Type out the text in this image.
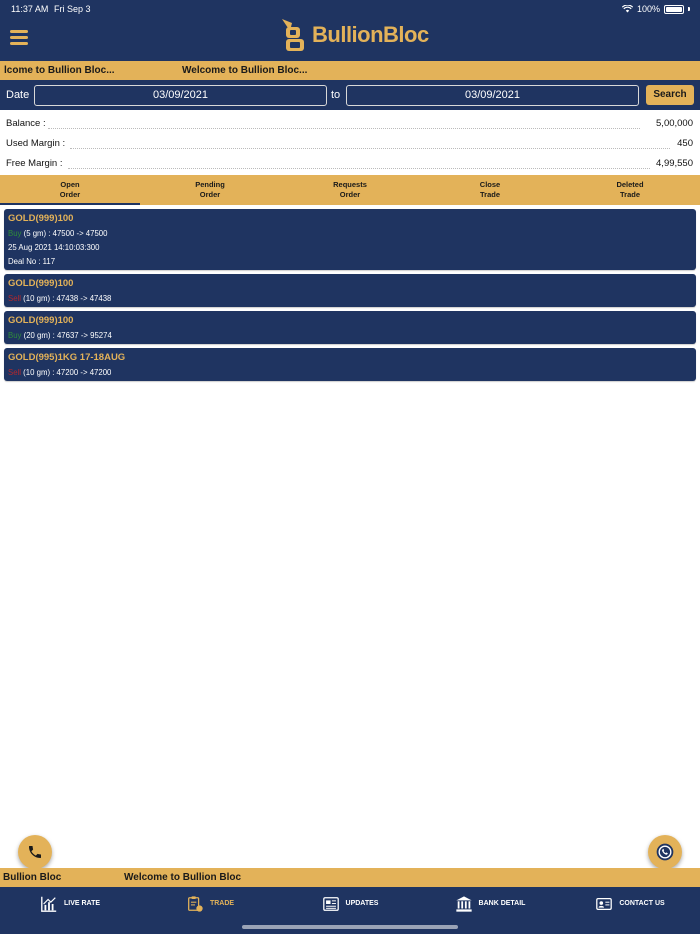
11:37 AM Fri Sep 3	100%
BullionBloc
lcome to Bullion Bloc...	Welcome to Bullion Bloc...
Date	03/09/2021	to	03/09/2021	Search
Balance :	5,00,000
Used Margin :	450
Free Margin :	4,99,550
Open
Order
Pending
Order
Requests
Order
Close
Trade
Deleted
Trade
GOLD(999)100
Buy (5 gm) : 47500 -> 47500
25 Aug 2021 14:10:03:300
Deal No : 117
GOLD(999)100
Sell (10 gm) : 47438 -> 47438
GOLD(999)100
Buy (20 gm) : 47637 -> 95274
GOLD(995)1KG 17-18AUG
Sell (10 gm) : 47200 -> 47200
Bullion Bloc	Welcome to Bullion Bloc
LIVE RATE	TRADE	UPDATES	BANK DETAIL	CONTACT US
